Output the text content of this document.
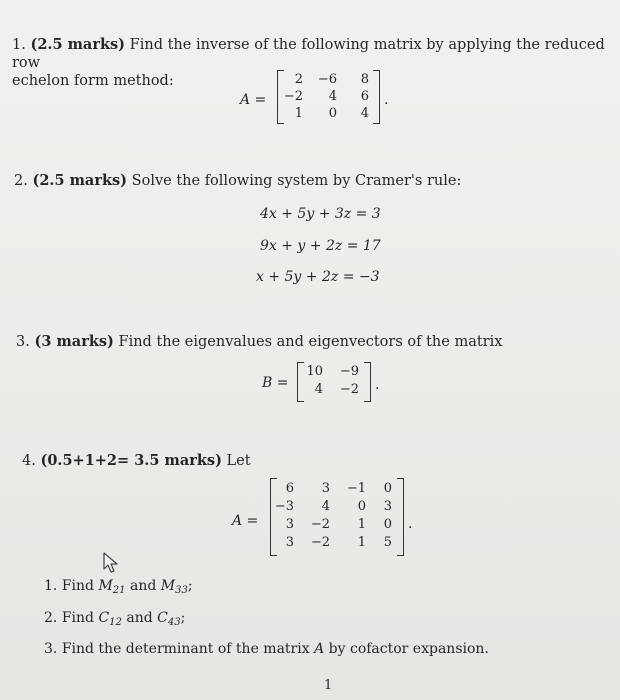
1. (2.5 marks) Find the inverse of the following matrix by applying the reduced row
echelon form method:
A =
2 −6	8
−2	4	6
1	0	4
.
2. (2.5 marks) Solve the following system by Cramer's rule:
4x + 5y + 3z = 3
9x + y + 2z = 17
x + 5y + 2z = −3
3. (3 marks) Find the eigenvalues and eigenvectors of the matrix
B =
10 −9
4 −2 .
4. (0.5+1+2= 3.5 marks) Let
A =
6	3 −1	0
−3	4	0	3
3 −2	1	0
3 −2	1	5
.
1. Find $M_{21}$ and $M_{33}$;
2. Find $C_{12}$ and $C_{43}$;
3. Find the determinant of the matrix A by cofactor expansion.
1
